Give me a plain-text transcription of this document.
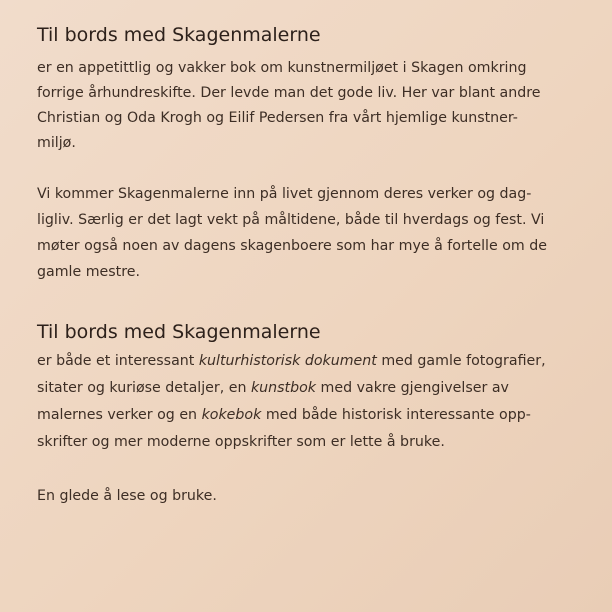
Til bords med Skagenmalerne
er en appetittlig og vakker bok om kunstnermiljøet i Skagen omkring
forrige århundreskifte. Der levde man det gode liv. Her var blant andre
Christian og Oda Krogh og Eilif Pedersen fra vårt hjemlige kunstner-
miljø.
Vi kommer Skagenmalerne inn på livet gjennom deres verker og dag-
ligliv. Særlig er det lagt vekt på måltidene, både til hverdags og fest. Vi
møter også noen av dagens skagenboere som har mye å fortelle om de
gamle mestre.
Til bords med Skagenmalerne
er både et interessant kulturhistorisk dokument med gamle fotografier,
sitater og kuriøse detaljer, en kunstbok med vakre gjengivelser av
malernes verker og en kokebok med både historisk interessante opp-
skrifter og mer moderne oppskrifter som er lette å bruke.
En glede å lese og bruke.
